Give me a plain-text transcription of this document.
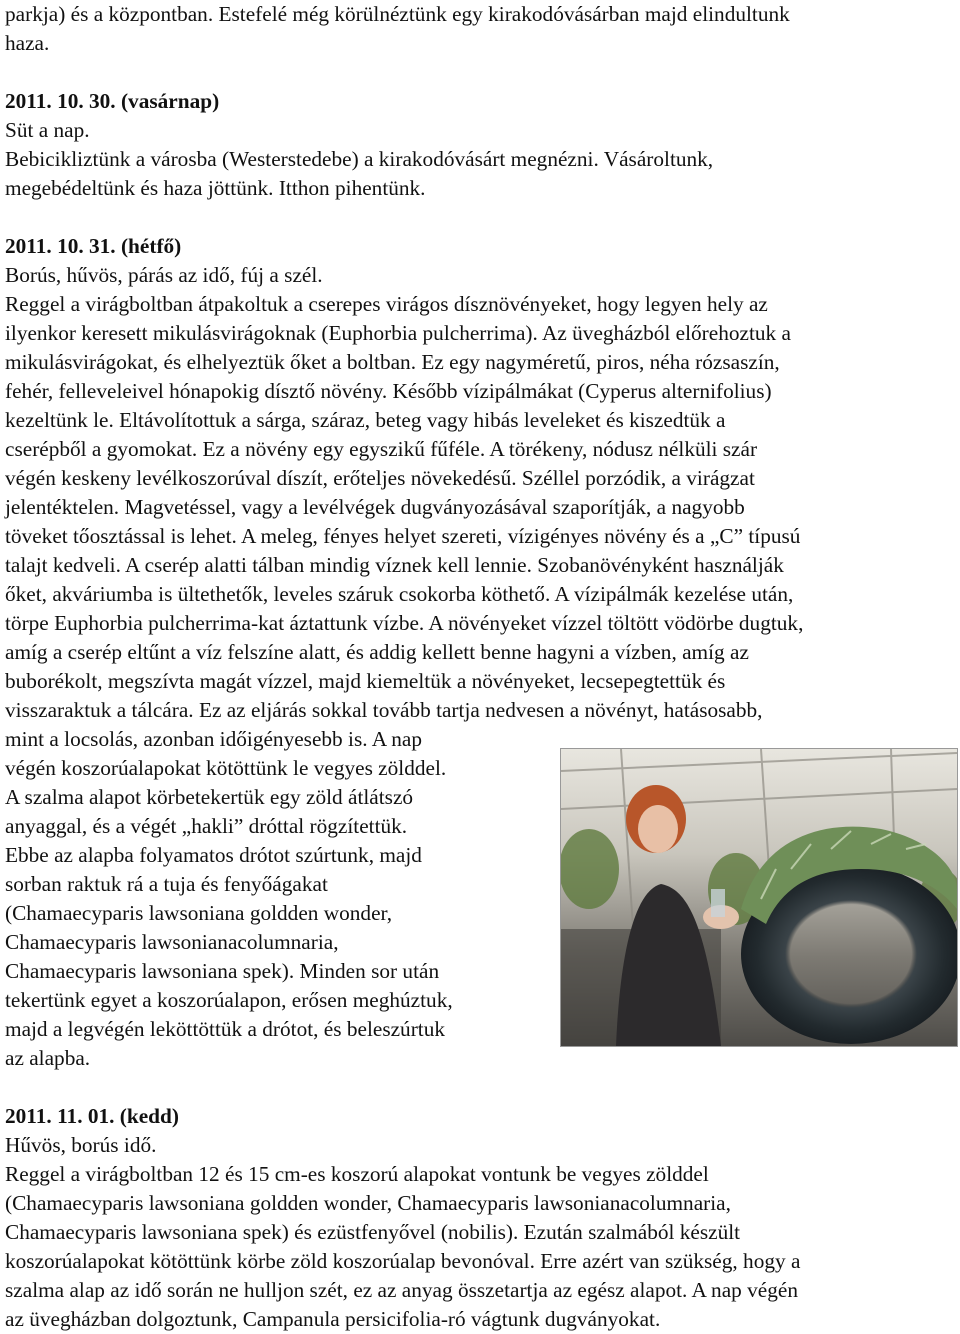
parkja) és a központban. Estefelé még körülnéztünk egy kirakodóvásárban majd elindultunk
haza.
2011. 10. 30. (vasárnap)
Süt a nap.
Bebicikliztünk a városba (Westerstedebe) a kirakodóvásárt megnézni. Vásároltunk,
megebédeltünk és haza jöttünk. Itthon pihentünk.
2011. 10. 31. (hétfő)
Borús, hűvös, párás az idő, fúj a szél.
Reggel a virágboltban átpakoltuk a cserepes virágos dísznövényeket, hogy legyen hely az
ilyenkor keresett mikulásvirágoknak (Euphorbia pulcherrima). Az üvegházból előrehoztuk a
mikulásvirágokat, és elhelyeztük őket a boltban. Ez egy nagyméretű, piros, néha rózsaszín,
fehér, felleveleivel hónapokig dísztő növény. Később vízipálmákat (Cyperus alternifolius)
kezeltünk le. Eltávolítottuk a sárga, száraz, beteg vagy hibás leveleket és kiszedtük a
cserépből a gyomokat. Ez a növény egy egyszikű fűféle. A törékeny, nódusz nélküli szár
végén keskeny levélkoszorúval díszít, erőteljes növekedésű. Széllel porzódik, a virágzat
jelentéktelen. Magvetéssel, vagy a levélvégek dugványozásával szaporítják, a nagyobb
töveket tőosztással is lehet. A meleg, fényes helyet szereti, vízigényes növény és a „C” típusú
talajt kedveli. A cserép alatti tálban mindig víznek kell lennie. Szobanövényként használják
őket, akváriumba is ültethetők, leveles száruk csokorba köthető. A vízipálmák kezelése után,
törpe Euphorbia pulcherrima-kat áztattunk vízbe. A növényeket vízzel töltött vödörbe dugtuk,
amíg a cserép eltűnt a víz felszíne alatt, és addig kellett benne hagyni a vízben, amíg az
buborékolt, megszívta magát vízzel, majd kiemeltük a növényeket, lecsepegtettük és
visszaraktuk a tálcára. Ez az eljárás sokkal tovább tartja nedvesen a növényt, hatásosabb,
mint a locsolás, azonban időigényesebb is. A nap
végén koszorúalapokat kötöttünk le vegyes zölddel.
A szalma alapot körbetekertük egy zöld átlátszó
anyaggal, és a végét „hakli” dróttal rögzítettük.
Ebbe az alapba folyamatos drótot szúrtunk, majd
sorban raktuk rá a tuja és fenyőágakat
(Chamaecyparis lawsoniana goldden wonder,
Chamaecyparis lawsonianacolumnaria,
Chamaecyparis lawsoniana spek). Minden sor után
tekertünk egyet a koszorúalapon, erősen meghúztuk,
majd a legvégén leköttöttük a drótot, és beleszúrtuk
az alapba.
2011. 11. 01. (kedd)
Hűvös, borús idő.
Reggel a virágboltban 12 és 15 cm-es koszorú alapokat vontunk be vegyes zölddel
(Chamaecyparis lawsoniana goldden wonder, Chamaecyparis lawsonianacolumnaria,
Chamaecyparis lawsoniana spek) és ezüstfenyővel (nobilis). Ezután szalmából készült
koszorúalapokat kötöttünk körbe zöld koszorúalap bevonóval. Erre azért van szükség, hogy a
szalma alap az idő során ne hulljon szét, ez az anyag összetartja az egész alapot. A nap végén
az üvegházban dolgoztunk, Campanula persicifolia-ró vágtunk dugványokat.
